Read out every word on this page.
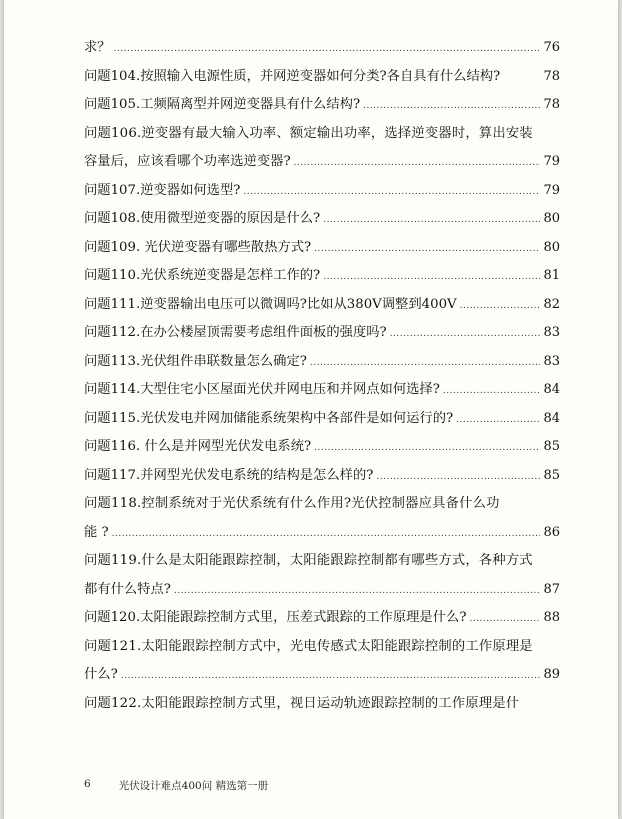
求？ .....	76
问题104.按照输入电源性质，并网逆变器如何分类?各自具有什么结构?	78
问题105.工频隔离型并网逆变器具有什么结构? .....	78
问题106.逆变器有最大输入功率、额定输出功率，选择逆变器时，算出安装
容量后，应该看哪个功率选逆变器? .....	79
问题107.逆变器如何选型? .....	79
问题108.使用微型逆变器的原因是什么? .....	80
问题109. 光伏逆变器有哪些散热方式? .....	80
问题110.光伏系统逆变器是怎样工作的? .....	81
问题111.逆变器输出电压可以微调吗?比如从380V调整到400V .....	82
问题112.在办公楼屋顶需要考虑组件面板的强度吗? .....	83
问题113.光伏组件串联数量怎么确定? .....	83
问题114.大型住宅小区屋面光伏并网电压和并网点如何选择? .....	84
问题115.光伏发电并网加储能系统架构中各部件是如何运行的? .....	84
问题116. 什么是并网型光伏发电系统? .....	85
问题117.并网型光伏发电系统的结构是怎么样的? .....	85
问题118.控制系统对于光伏系统有什么作用?光伏控制器应具备什么功
能 ? .....	86
问题119.什么是太阳能跟踪控制，太阳能跟踪控制都有哪些方式，各种方式
都有什么特点? .....	87
问题120.太阳能跟踪控制方式里，压差式跟踪的工作原理是什么? .....	88
问题121.太阳能跟踪控制方式中，光电传感式太阳能跟踪控制的工作原理是
什么? .....	89
问题122.太阳能跟踪控制方式里，视日运动轨迹跟踪控制的工作原理是什
6	光伏设计难点400问 精选第一册
